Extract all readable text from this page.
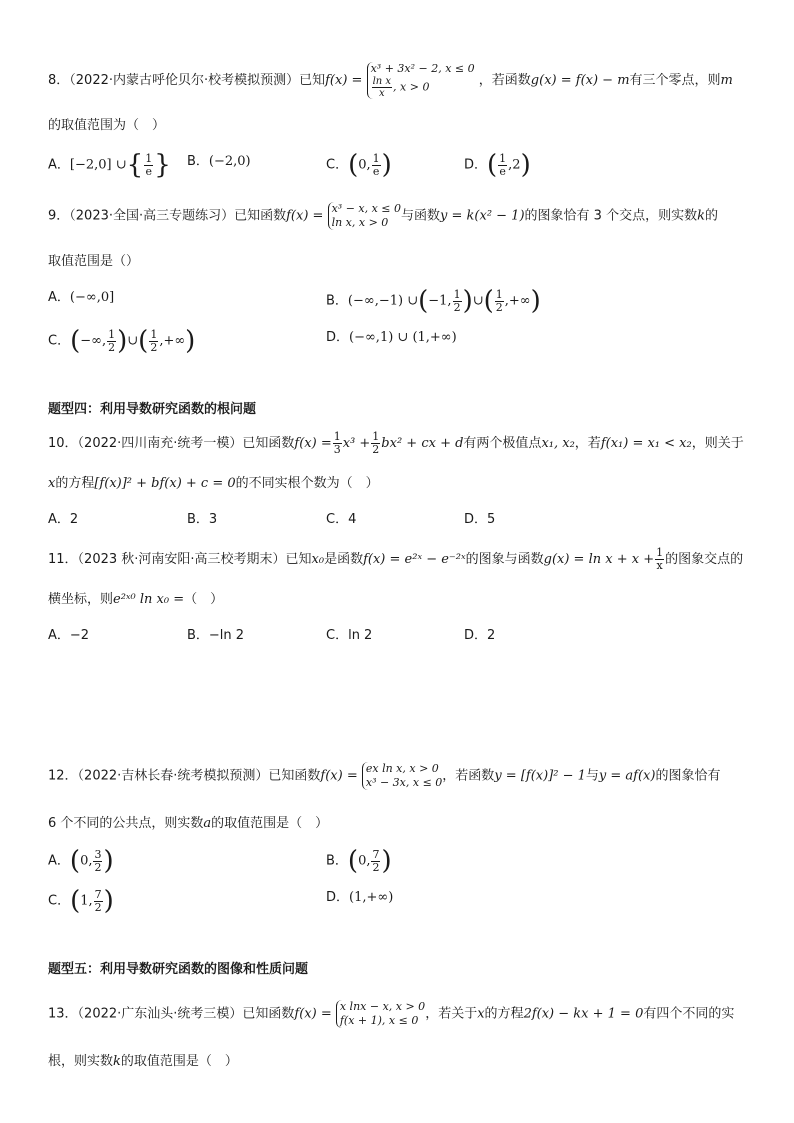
8．（2022·内蒙古呼伦贝尔·校考模拟预测）已知f(x) =
x³ + 3x² − 2, x ≤ 0
$\frac{\text{ln x}}{x}$ , x > 0	，若函数g(x) = f(x) − m有三个零点，则m
的取值范围为（　）
A．[−2,0] ∪{ $\frac{1}{e}$ } B．(−2,0)	C．(0, $\frac{1}{e}$ )	D．( $\frac{1}{e} ,2$)
9．（2023·全国·高三专题练习）已知函数f(x) =
x³ − x, x ≤ 0
ln x, x > 0 与函数y = k(x² − 1)的图象恰有 3 个交点，则实数k的
取值范围是（）
A．(−∞,0]	B．(−∞,−1) ∪(−1, $\frac{1}{2}$ )∪( $\frac{1}{2}$ ,+∞)
C．(−∞, $\frac{1}{2}$ )∪( $\frac{1}{2}$ ,+∞)	D．(−∞,1) ∪ (1,+∞)
题型四：利用导数研究函数的根问题
10．（2022·四川南充·统考一模）已知函数$f(x) = \frac{1}{3} x^3 + \frac{1}{2} bx^2$ + cx + d有两个极值点x₁, x₂，若f(x₁) = x₁ < x₂，则关于
x的方程[f(x)]² + bf(x) + c = 0的不同实根个数为（　）
A．2	B．3	C．4	D．5
11．（2023 秋·河南安阳·高三校考期末）已知x₀是函数f(x) = e²ˣ − e⁻²ˣ的图象与函数$g(x) = \ln x + x + \frac{1}{x}$ 的图象交点的
横坐标，则e²ˣ⁰ ln x₀ =（　）
A．−2	B．−ln 2	C．ln 2	D．2
12．（2022·吉林长春·统考模拟预测）已知函数f(x) =
ex ln x, x > 0
x³ − 3x, x ≤ 0 ，若函数y = [f(x)]² − 1与y = af(x)的图象恰有
6 个不同的公共点，则实数a的取值范围是（　）
A．(0, $\frac{3}{2}$ )	B．(0, $\frac{7}{2}$ )
C．(1, $\frac{7}{2}$ )	D．(1,+∞)
题型五：利用导数研究函数的图像和性质问题
13．（2022·广东汕头·统考三模）已知函数f(x) =
x lnx − x, x > 0
f(x + 1), x ≤ 0 ，若关于x的方程2f(x) − kx + 1 = 0有四个不同的实
根，则实数k的取值范围是（　）
